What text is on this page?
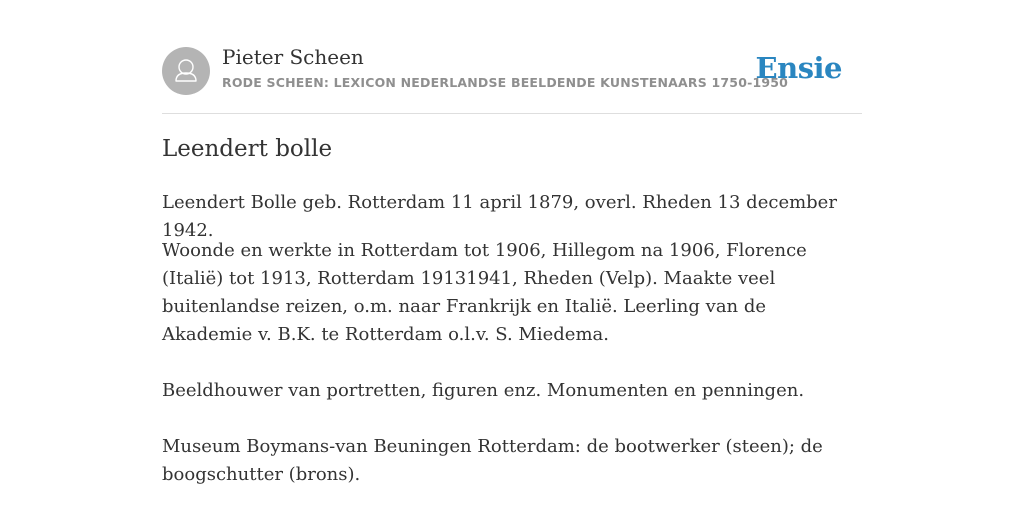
Pieter Scheen
RODE SCHEEN: LEXICON NEDERLANDSE BEELDENDE KUNSTENAARS 1750-1950
Ensie
Leendert bolle

Leendert Bolle geb. Rotterdam 11 april 1879, overl. Rheden 13 december 1942.

Woonde en werkte in Rotterdam tot 1906, Hillegom na 1906, Florence (Italië) tot 1913, Rotterdam 19131941, Rheden (Velp). Maakte veel buitenlandse reizen, o.m. naar Frankrijk en Italië. Leerling van de Akademie v. B.K. te Rotterdam o.l.v. S. Miedema.

Beeldhouwer van portretten, figuren enz. Monumenten en penningen.

Museum Boymans-van Beuningen Rotterdam: de bootwerker (steen); de boogschutter (brons).
